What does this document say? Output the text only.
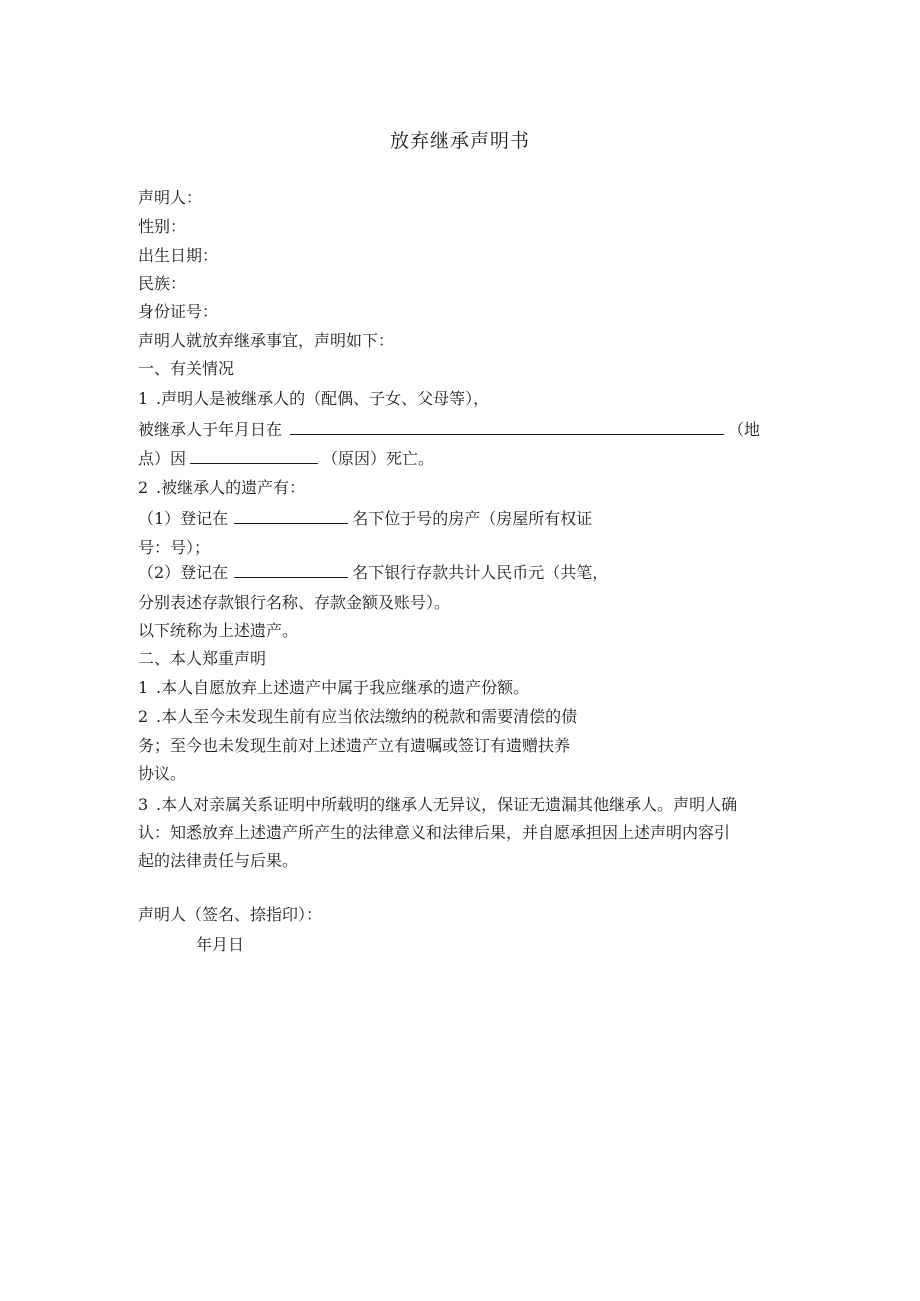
放弃继承声明书
声明人：
性别：
出生日期：
民族：
身份证号：
声明人就放弃继承事宜，声明如下：
一、有关情况
1 .声明人是被继承人的（配偶、子女、父母等），
被继承人于年月日在	（地
点）因	（原因）死亡。
2 .被继承人的遗产有：
（1）登记在	名下位于号的房产（房屋所有权证
号：号）；
（2）登记在	名下银行存款共计人民币元（共笔，
分别表述存款银行名称、存款金额及账号）。
以下统称为上述遗产。
二、本人郑重声明
1 .本人自愿放弃上述遗产中属于我应继承的遗产份额。
2 .本人至今未发现生前有应当依法缴纳的税款和需要清偿的债
务；至今也未发现生前对上述遗产立有遗嘱或签订有遗赠扶养
协议。
3 .本人对亲属关系证明中所载明的继承人无异议，保证无遗漏其他继承人。声明人确
认：知悉放弃上述遗产所产生的法律意义和法律后果，并自愿承担因上述声明内容引
起的法律责任与后果。
声明人（签名、捺指印）：
年月日
